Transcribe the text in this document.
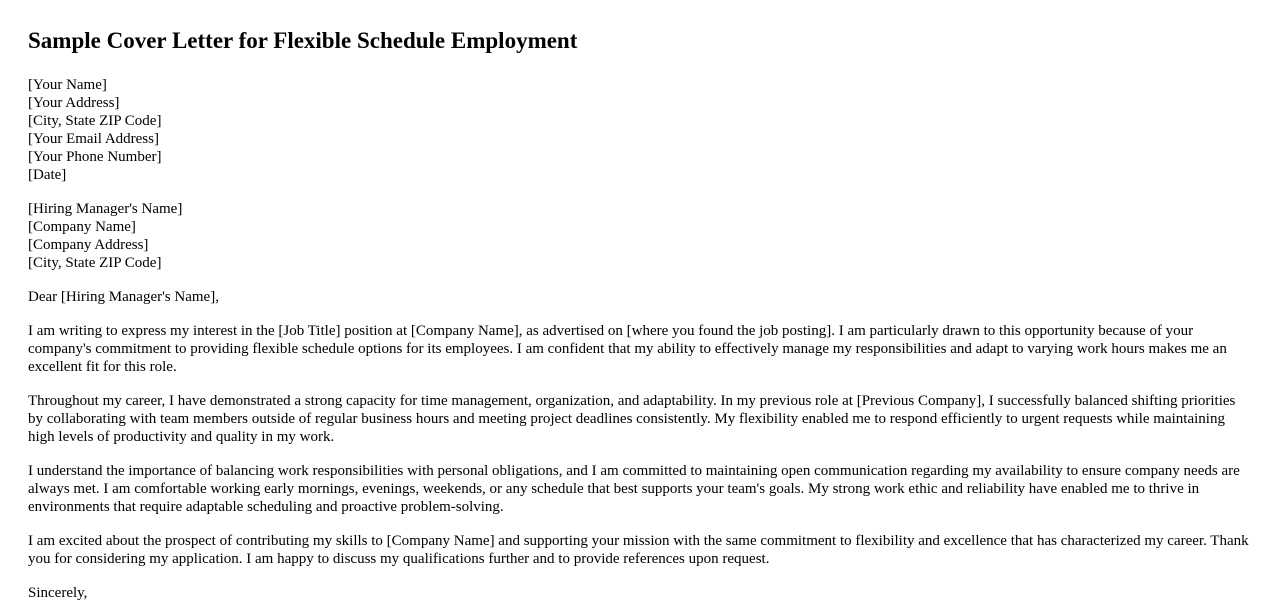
Sample Cover Letter for Flexible Schedule Employment
[Your Name]
[Your Address]
[City, State ZIP Code]
[Your Email Address]
[Your Phone Number]
[Date]
[Hiring Manager's Name]
[Company Name]
[Company Address]
[City, State ZIP Code]

Dear [Hiring Manager's Name],

I am writing to express my interest in the [Job Title] position at [Company Name], as advertised on [where you found the job posting]. I am particularly drawn to this opportunity because of your company's commitment to providing flexible schedule options for its employees. I am confident that my ability to effectively manage my responsibilities and adapt to varying work hours makes me an excellent fit for this role.

Throughout my career, I have demonstrated a strong capacity for time management, organization, and adaptability. In my previous role at [Previous Company], I successfully balanced shifting priorities by collaborating with team members outside of regular business hours and meeting project deadlines consistently. My flexibility enabled me to respond efficiently to urgent requests while maintaining high levels of productivity and quality in my work.

I understand the importance of balancing work responsibilities with personal obligations, and I am committed to maintaining open communication regarding my availability to ensure company needs are always met. I am comfortable working early mornings, evenings, weekends, or any schedule that best supports your team's goals. My strong work ethic and reliability have enabled me to thrive in environments that require adaptable scheduling and proactive problem-solving.

I am excited about the prospect of contributing my skills to [Company Name] and supporting your mission with the same commitment to flexibility and excellence that has characterized my career. Thank you for considering my application. I am happy to discuss my qualifications further and to provide references upon request.

Sincerely,
